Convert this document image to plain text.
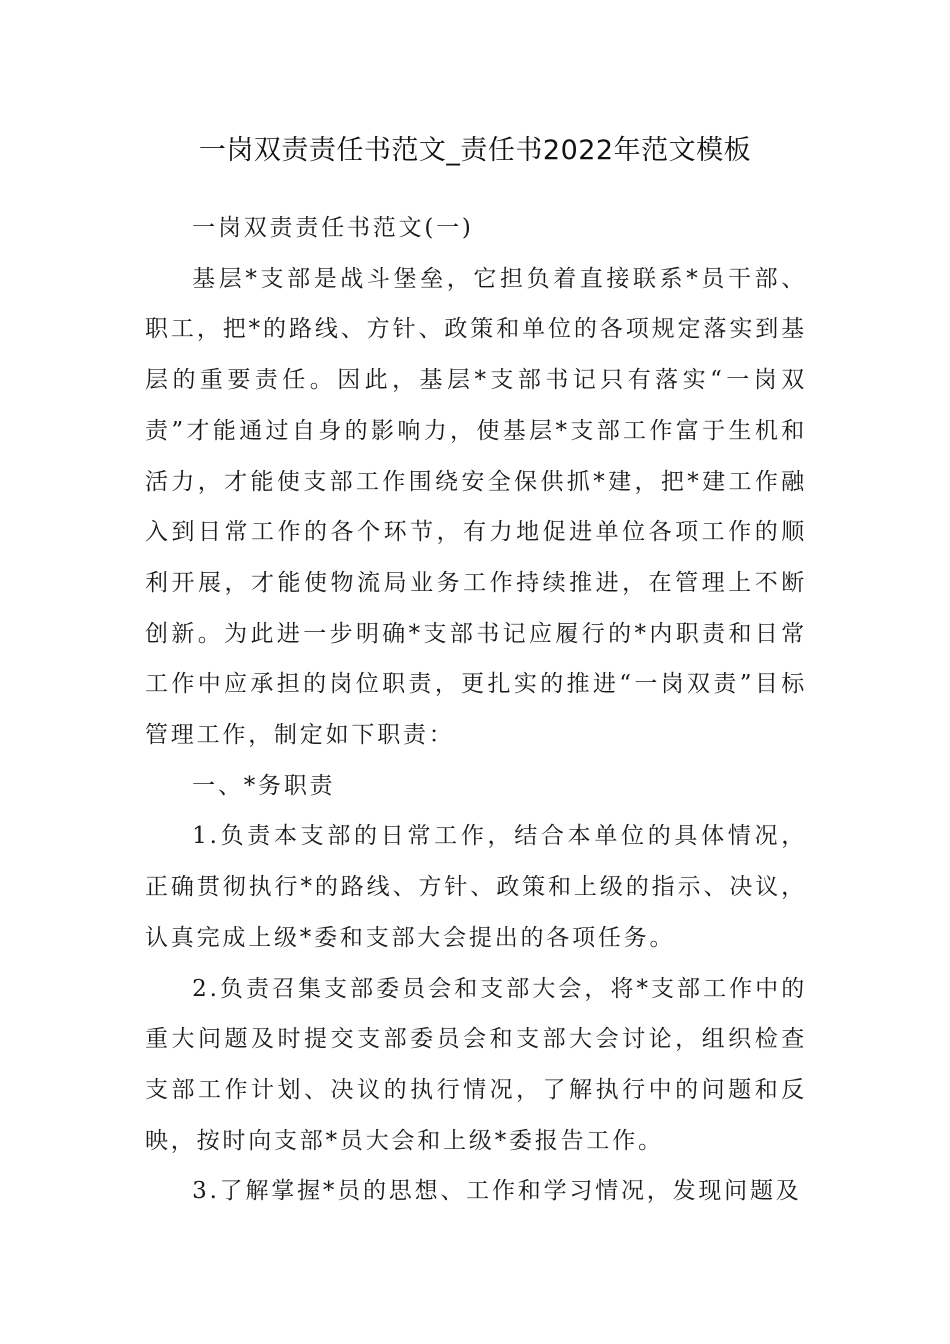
一岗双责责任书范文_责任书2022年范文模板

一岗双责责任书范文(一)

基层*支部是战斗堡垒，它担负着直接联系*员干部、职工，把*的路线、方针、政策和单位的各项规定落实到基层的重要责任。因此，基层*支部书记只有落实“一岗双责”才能通过自身的影响力，使基层*支部工作富于生机和活力，才能使支部工作围绕安全保供抓*建，把*建工作融入到日常工作的各个环节，有力地促进单位各项工作的顺利开展，才能使物流局业务工作持续推进，在管理上不断创新。为此进一步明确*支部书记应履行的*内职责和日常工作中应承担的岗位职责，更扎实的推进“一岗双责”目标管理工作，制定如下职责：

一、*务职责

1.负责本支部的日常工作，结合本单位的具体情况，正确贯彻执行*的路线、方针、政策和上级的指示、决议，认真完成上级*委和支部大会提出的各项任务。

2.负责召集支部委员会和支部大会，将*支部工作中的重大问题及时提交支部委员会和支部大会讨论，组织检查支部工作计划、决议的执行情况，了解执行中的问题和反映，按时向支部*员大会和上级*委报告工作。

3.了解掌握*员的思想、工作和学习情况，发现问题及
